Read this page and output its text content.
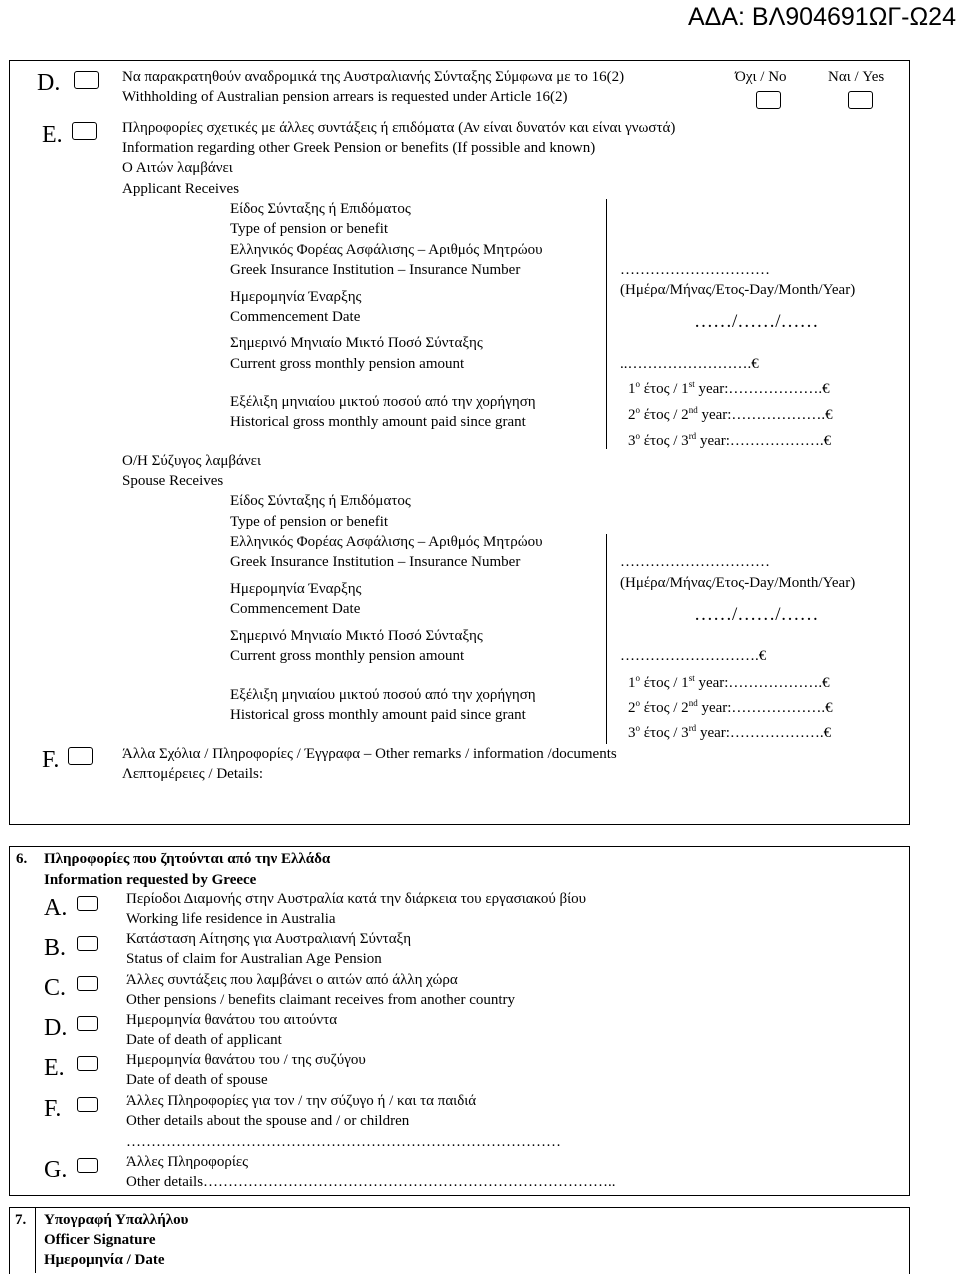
ΑΔΑ: ΒΛ904691ΩΓ-Ω24
D.	Να παρακρατηθούν αναδρομικά της Αυστραλιανής Σύνταξης Σύμφωνα με το 16(2)
Withholding of Australian pension arrears is requested under Article 16(2)
Όχι / No	Ναι / Yes
E.	Πληροφορίες σχετικές με άλλες συντάξεις ή επιδόματα (Αν είναι δυνατόν και είναι γνωστά)
Information regarding other Greek Pension or benefits (If possible and known)
Ο Αιτών λαμβάνει
Applicant Receives
Είδος Σύνταξης ή Επιδόματος
Type of pension or benefit
Ελληνικός Φορέας Ασφάλισης – Αριθμός Μητρώου
Greek Insurance Institution – Insurance Number	…………………………
Ημερομηνία Έναρξης
Commencement Date
(Ημέρα/Μήνας/Ετος-Day/Month/Year)
……/……/……
Σημερινό Μηνιαίο Μικτό Ποσό Σύνταξης
Current gross monthly pension amount	..…………………….€
Εξέλιξη μηνιαίου μικτού ποσού από την χορήγηση
Historical gross monthly amount paid since grant
$1^o$ έτος / 1st year:……………….€
$2^o$ έτος / 2nd year:……………….€
$3^o$ έτος / 3rd year:……………….€
Ο/Η Σύζυγος λαμβάνει
Spouse Receives
Είδος Σύνταξης ή Επιδόματος
Type of pension or benefit
Ελληνικός Φορέας Ασφάλισης – Αριθμός Μητρώου
Greek Insurance Institution – Insurance Number	…………………………
Ημερομηνία Έναρξης
Commencement Date
(Ημέρα/Μήνας/Ετος-Day/Month/Year)
……/……/……
Σημερινό Μηνιαίο Μικτό Ποσό Σύνταξης
Current gross monthly pension amount	……………………….€
Εξέλιξη μηνιαίου μικτού ποσού από την χορήγηση
Historical gross monthly amount paid since grant
$1^o$ έτος / 1st year:……………….€
$2^o$ έτος / 2nd year:……………….€
$3^o$ έτος / 3rd year:……………….€
F.	Άλλα Σχόλια / Πληροφορίες / Έγγραφα – Other remarks / information /documents
Λεπτομέρειες / Details:
6. Πληροφορίες που ζητούνται από την Ελλάδα
Information requested by Greece
A.	Περίοδοι Διαμονής στην Αυστραλία κατά την διάρκεια του εργασιακού βίου
Working life residence in Australia
B.	Κατάσταση Αίτησης για Αυστραλιανή Σύνταξη
Status of claim for Australian Age Pension
C.	Άλλες συντάξεις που λαμβάνει ο αιτών από άλλη χώρα
Other pensions / benefits claimant receives from another country
D.	Ημερομηνία θανάτου του αιτούντα
Date of death of applicant
E.	Ημερομηνία θανάτου του / της συζύγου
Date of death of spouse
F.	Άλλες Πληροφορίες για τον / την σύζυγο ή / και τα παιδιά
Other details about the spouse and / or children
……………………………………………………………………………
G.	Άλλες Πληροφορίες
Other details………………………………………………………………………..
7. Υπογραφή Υπαλλήλου
Officer Signature
Ημερομηνία / Date
